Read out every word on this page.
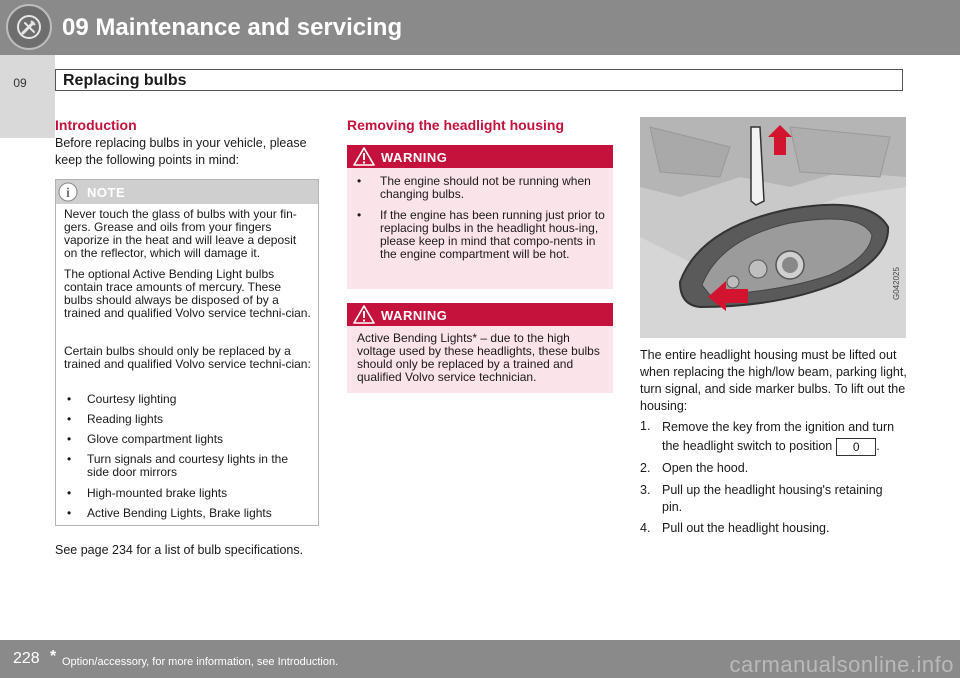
09 Maintenance and servicing
09	Replacing bulbs
Introduction
Before replacing bulbs in your vehicle, please keep the following points in mind:
i NOTE
Never touch the glass of bulbs with your fin-gers. Grease and oils from your fingers vaporize in the heat and will leave a deposit on the reflector, which will damage it.
The optional Active Bending Light bulbs contain trace amounts of mercury. These bulbs should always be disposed of by a trained and qualified Volvo service techni-cian.
Certain bulbs should only be replaced by a trained and qualified Volvo service techni-cian:
• Courtesy lighting
• Reading lights
• Glove compartment lights
• Turn signals and courtesy lights in the side door mirrors
• High-mounted brake lights
• Active Bending Lights, Brake lights
See page 234 for a list of bulb specifications.
Removing the headlight housing
WARNING
• The engine should not be running when changing bulbs.
• If the engine has been running just prior to replacing bulbs in the headlight hous-ing, please keep in mind that compo-nents in the engine compartment will be hot.
WARNING
Active Bending Lights* – due to the high voltage used by these headlights, these bulbs should only be replaced by a trained and qualified Volvo service technician.
G042025
The entire headlight housing must be lifted out when replacing the high/low beam, parking light, turn signal, and side marker bulbs. To lift out the housing:
1. Remove the key from the ignition and turn the headlight switch to position 0 .
2. Open the hood.
3. Pull up the headlight housing's retaining pin.
4. Pull out the headlight housing.
228 * Option/accessory, for more information, see Introduction.	carmanualsonline.info
